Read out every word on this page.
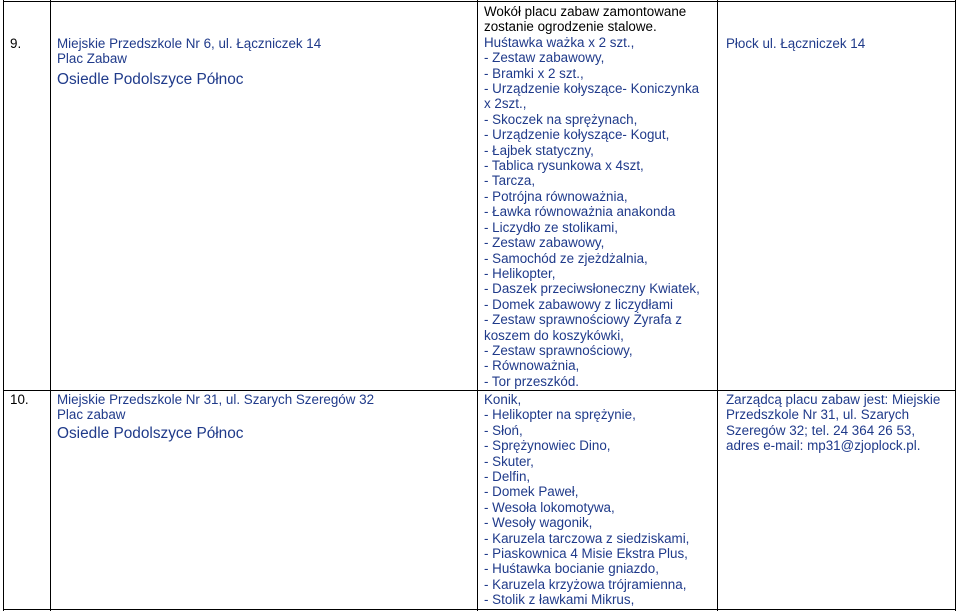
9.	Miejskie Przedszkole Nr 6, ul. Łączniczek 14
Plac Zabaw
Osiedle Podolszyce Północ
Wokół placu zabaw zamontowane
zostanie ogrodzenie stalowe.
Huśtawka ważka x 2 szt.,
- Zestaw zabawowy,
- Bramki x 2 szt.,
- Urządzenie kołyszące- Koniczynka
x 2szt.,
- Skoczek na sprężynach,
- Urządzenie kołyszące- Kogut,
- Łajbek statyczny,
- Tablica rysunkowa x 4szt,
- Tarcza,
- Potrójna równoważnia,
- Ławka równoważnia anakonda
- Liczydło ze stolikami,
- Zestaw zabawowy,
- Samochód ze zjeżdżalnia,
- Helikopter,
- Daszek przeciwsłoneczny Kwiatek,
- Domek zabawowy z liczydłami
- Zestaw sprawnościowy Żyrafa z
koszem do koszykówki,
- Zestaw sprawnościowy,
- Równoważnia,
- Tor przeszkód.
Płock ul. Łączniczek 14
10. Miejskie Przedszkole Nr 31, ul. Szarych Szeregów 32
Plac zabaw
Osiedle Podolszyce Północ
Konik,
- Helikopter na sprężynie,
- Słoń,
- Sprężynowiec Dino,
- Skuter,
- Delfin,
- Domek Paweł,
- Wesoła lokomotywa,
- Wesoły wagonik,
- Karuzela tarczowa z siedziskami,
- Piaskownica 4 Misie Ekstra Plus,
- Huśtawka bocianie gniazdo,
- Karuzela krzyżowa trójramienna,
- Stolik z ławkami Mikrus,
Zarządcą placu zabaw jest: Miejskie
Przedszkole Nr 31, ul. Szarych
Szeregów 32; tel. 24 364 26 53,
adres e-mail: mp31@zjoplock.pl.
